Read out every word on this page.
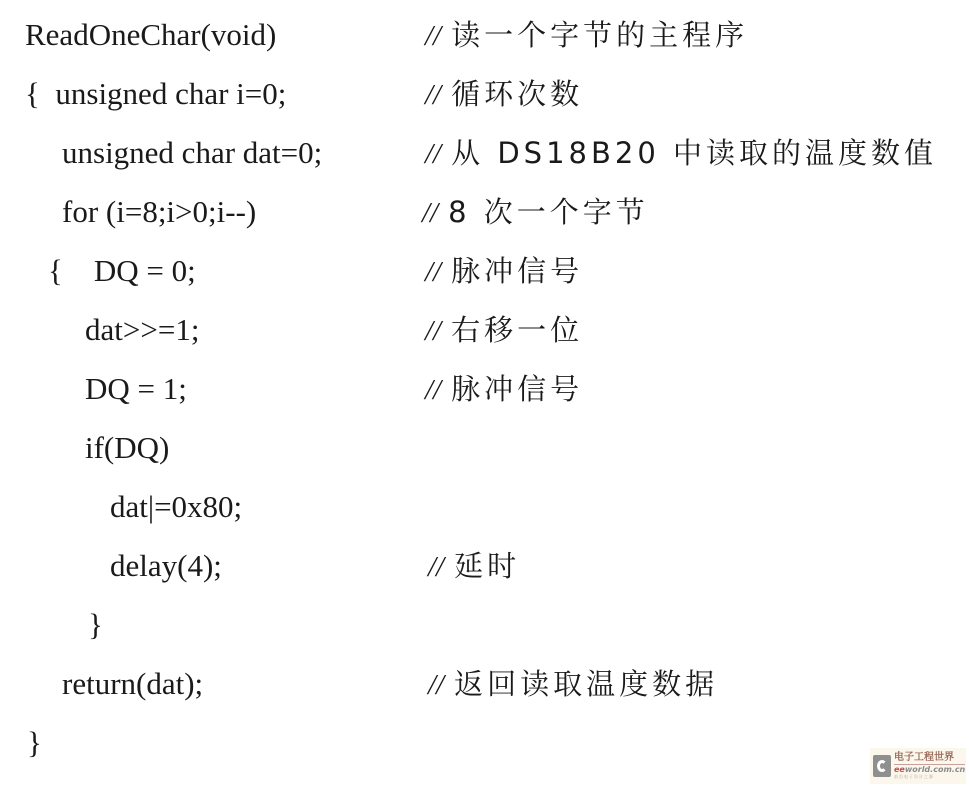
ReadOneChar(void)	// 读一个字节的主程序
{  unsigned char i=0;	// 循环次数
unsigned char dat=0;	// 从 DS18B20 中读取的温度数值
for (i=8;i>0;i--)	// 8 次一个字节
{    DQ = 0;	// 脉冲信号
dat>>=1;	// 右移一位
DQ = 1;	// 脉冲信号
if(DQ)
dat|=0x80;
delay(4);	// 延时
}
return(dat);	// 返回读取温度数据
}	电子工程世界
eeworld.com.cn
前沿电子设计之源
